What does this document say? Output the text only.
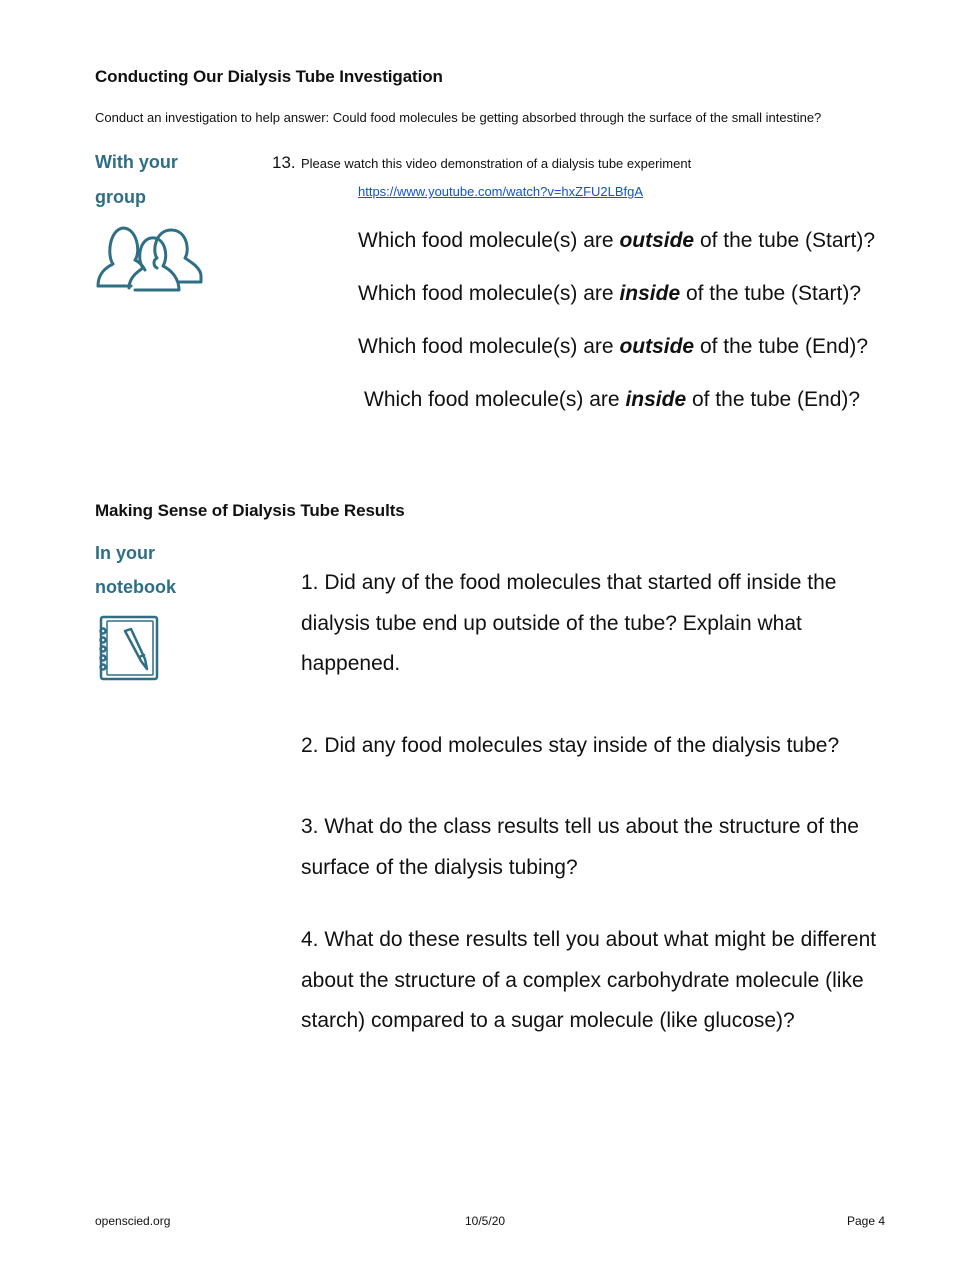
Conducting Our Dialysis Tube Investigation
Conduct an investigation to help answer: Could food molecules be getting absorbed through the surface of the small intestine?
With your
group
13. Please watch this video demonstration of a dialysis tube experiment
https://www.youtube.com/watch?v=hxZFU2LBfgA
Which food molecule(s) are outside of the tube (Start)?
Which food molecule(s) are inside of the tube (Start)?
Which food molecule(s) are outside of the tube (End)?
Which food molecule(s) are inside of the tube (End)?
Making Sense of Dialysis Tube Results
In your
notebook	1. Did any of the food molecules that started off inside the dialysis tube end up outside of the tube? Explain what happened.
2. Did any food molecules stay inside of the dialysis tube?
3. What do the class results tell us about the structure of the surface of the dialysis tubing?
4. What do these results tell you about what might be different about the structure of a complex carbohydrate molecule (like starch) compared to a sugar molecule (like glucose)?
openscied.org	10/5/20	Page 4
